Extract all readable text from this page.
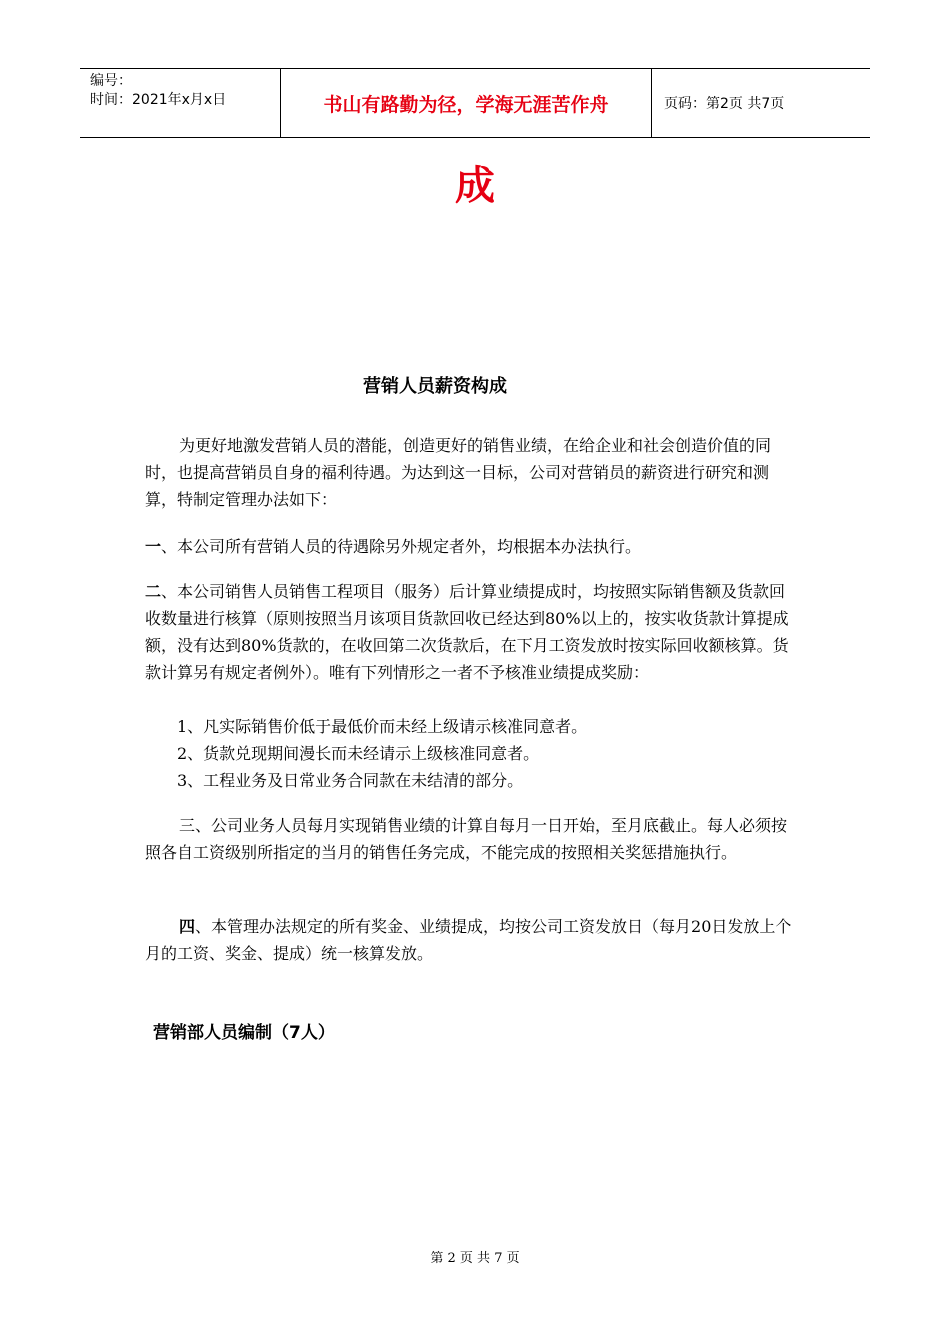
编号：
时间：2021年x月x日	书山有路勤为径，学海无涯苦作舟	页码：第2页 共7页
成
营销人员薪资构成

为更好地激发营销人员的潜能，创造更好的销售业绩，在给企业和社会创造价值的同时，也提高营销员自身的福利待遇。为达到这一目标，公司对营销员的薪资进行研究和测算，特制定管理办法如下：

一、本公司所有营销人员的待遇除另外规定者外，均根据本办法执行。

二、本公司销售人员销售工程项目（服务）后计算业绩提成时，均按照实际销售额及货款回收数量进行核算（原则按照当月该项目货款回收已经达到80%以上的，按实收货款计算提成额，没有达到80%货款的，在收回第二次货款后，在下月工资发放时按实际回收额核算。货款计算另有规定者例外）。唯有下列情形之一者不予核准业绩提成奖励：

1、凡实际销售价低于最低价而未经上级请示核准同意者。
2、货款兑现期间漫长而未经请示上级核准同意者。
3、工程业务及日常业务合同款在未结清的部分。

三、公司业务人员每月实现销售业绩的计算自每月一日开始，至月底截止。每人必须按照各自工资级别所指定的当月的销售任务完成，不能完成的按照相关奖惩措施执行。

四、本管理办法规定的所有奖金、业绩提成，均按公司工资发放日（每月20日发放上个月的工资、奖金、提成）统一核算发放。

营销部人员编制（7人）
第 2 页 共 7 页
